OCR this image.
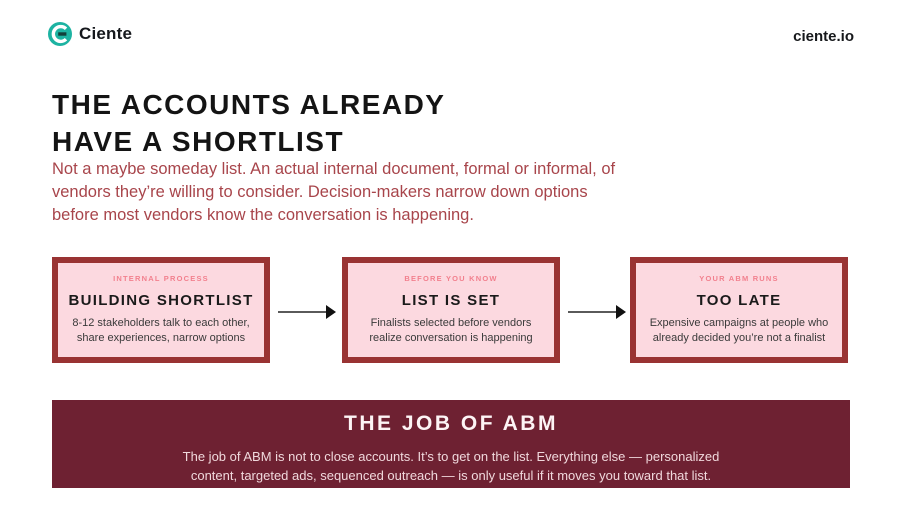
Ciente	ciente.io
THE ACCOUNTS ALREADY
HAVE A SHORTLIST

Not a maybe someday list. An actual internal document, formal or informal, of vendors they’re willing to consider. Decision-makers narrow down options before most vendors know the conversation is happening.

INTERNAL PROCESS
BUILDING SHORTLIST
8-12 stakeholders talk to each other, share experiences, narrow options
BEFORE YOU KNOW
LIST IS SET
Finalists selected before vendors realize conversation is happening
YOUR ABM RUNS
TOO LATE
Expensive campaigns at people who already decided you’re not a finalist
THE JOB OF ABM
The job of ABM is not to close accounts. It’s to get on the list. Everything else — personalized content, targeted ads, sequenced outreach — is only useful if it moves you toward that list.
